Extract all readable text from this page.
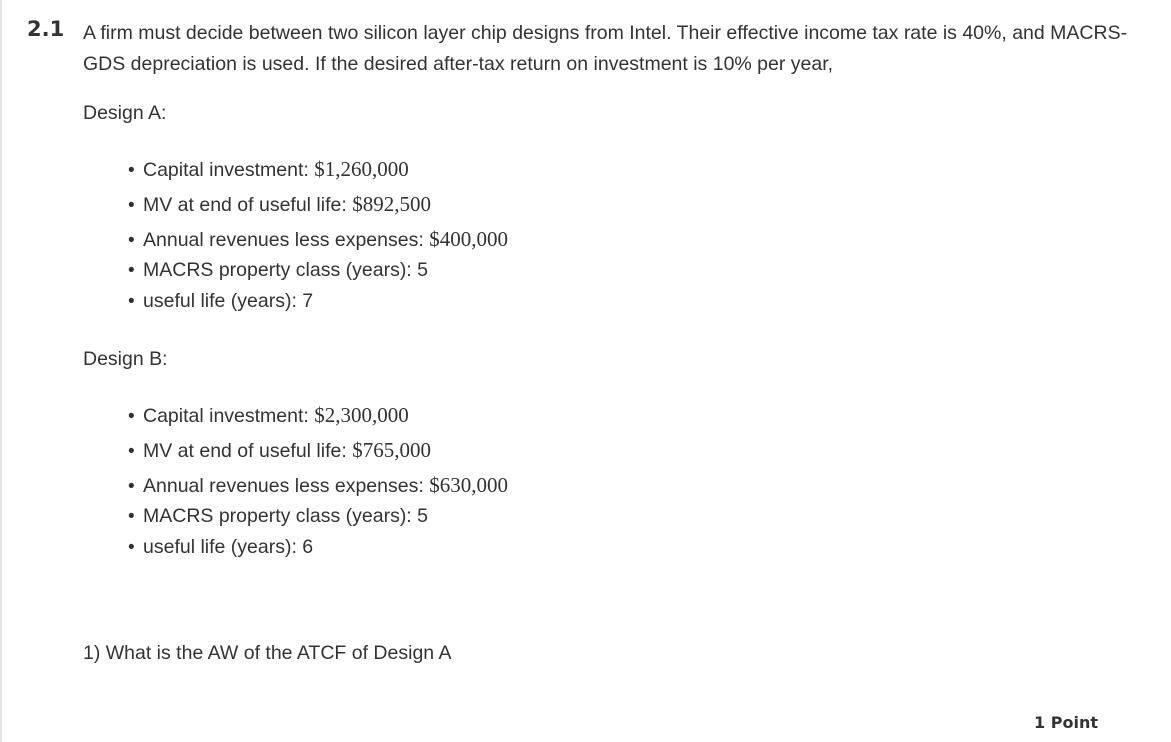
2.1 A firm must decide between two silicon layer chip designs from Intel. Their effective income tax rate is 40%, and MACRS-GDS depreciation is used. If the desired after-tax return on investment is 10% per year,

Design A:

• Capital investment: $1,260,000
• MV at end of useful life: $892,500
• Annual revenues less expenses: $400,000
• MACRS property class (years): 5
• useful life (years): 7

Design B:

• Capital investment: $2,300,000
• MV at end of useful life: $765,000
• Annual revenues less expenses: $630,000
• MACRS property class (years): 5
• useful life (years): 6

1) What is the AW of the ATCF of Design A

1 Point
